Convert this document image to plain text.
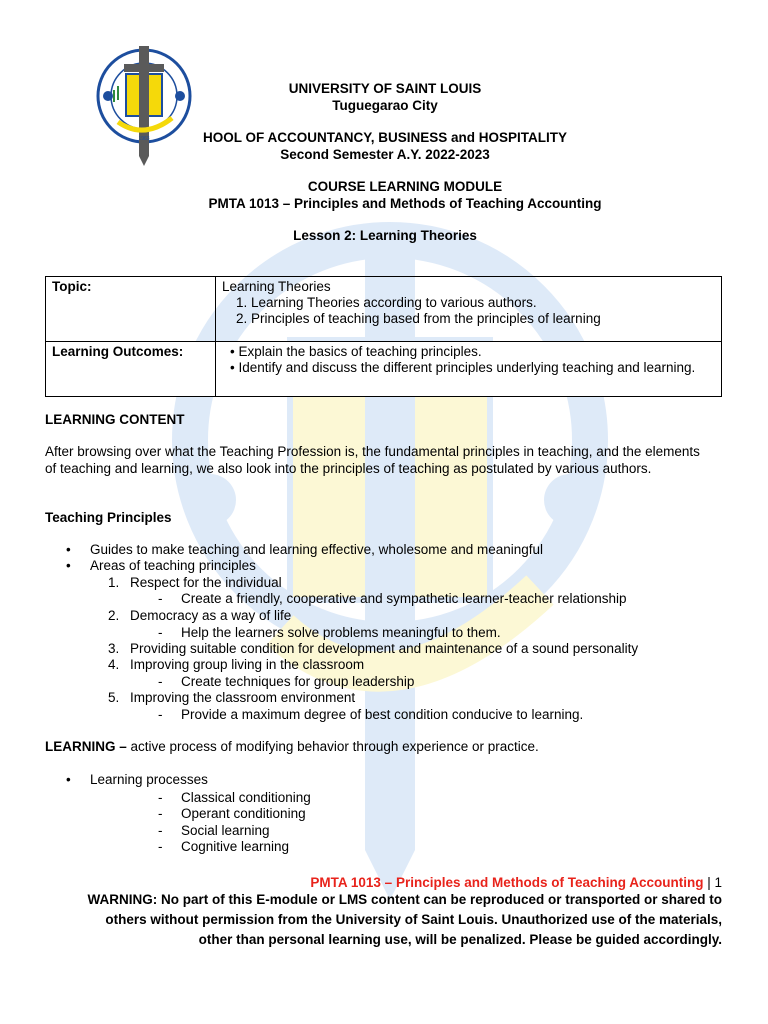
1963
UNIVERSITY OF SAINT LOUIS
Tuguegarao City
HOOL OF ACCOUNTANCY, BUSINESS and HOSPITALITY
Second Semester A.Y. 2022-2023
COURSE LEARNING MODULE
PMTA 1013 – Principles and Methods of Teaching Accounting
Lesson 2: Learning Theories
Topic:	Learning Theories
1. Learning Theories according to various authors.
2. Principles of teaching based from the principles of learning

Learning Outcomes:	• Explain the basics of teaching principles.
• Identify and discuss the different principles underlying teaching and learning.
LEARNING CONTENT
After browsing over what the Teaching Profession is, the fundamental principles in teaching, and the elements
of teaching and learning, we also look into the principles of teaching as postulated by various authors.
Teaching Principles
• Guides to make teaching and learning effective, wholesome and meaningful
• Areas of teaching principles
1. Respect for the individual
- Create a friendly, cooperative and sympathetic learner-teacher relationship
2. Democracy as a way of life
- Help the learners solve problems meaningful to them.
3. Providing suitable condition for development and maintenance of a sound personality
4. Improving group living in the classroom
- Create techniques for group leadership
5. Improving the classroom environment
- Provide a maximum degree of best condition conducive to learning.
LEARNING – active process of modifying behavior through experience or practice.
• Learning processes
- Classical conditioning
- Operant conditioning
- Social learning
- Cognitive learning
PMTA 1013 – Principles and Methods of Teaching Accounting | 1
WARNING: No part of this E-module or LMS content can be reproduced or transported or shared to
others without permission from the University of Saint Louis. Unauthorized use of the materials,
other than personal learning use, will be penalized. Please be guided accordingly.
